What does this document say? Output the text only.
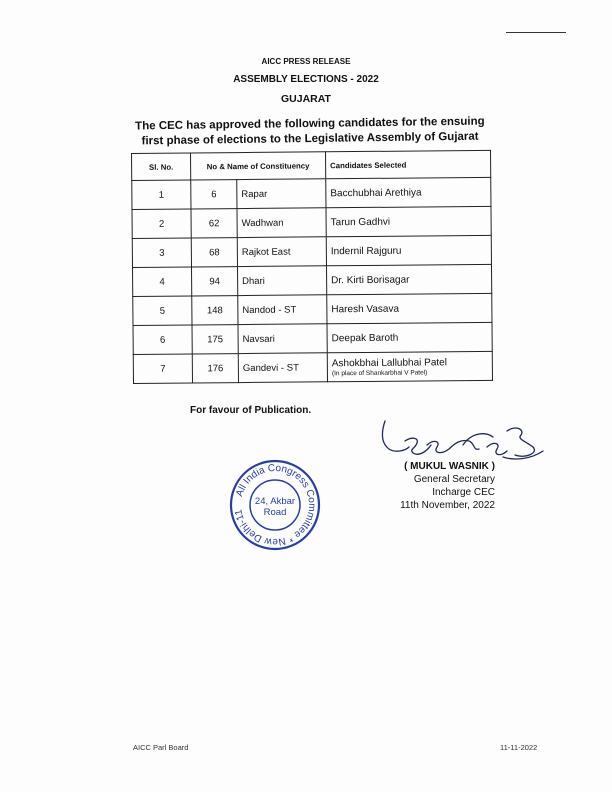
AICC PRESS RELEASE
ASSEMBLY ELECTIONS - 2022
GUJARAT
The CEC has approved the following candidates for the ensuing first phase of elections to the Legislative Assembly of Gujarat
Sl. No.	No & Name of Constituency		Candidates Selected
1	6	Rapar	Bacchubhai Arethiya
2	62	Wadhwan	Tarun Gadhvi
3	68	Rajkot East	Indernil Rajguru
4	94	Dhari	Dr. Kirti Borisagar
5	148	Nandod - ST	Haresh Vasava
6	175	Navsari	Deepak Baroth
7	176	Gandevi - ST	Ashokbhai Lallubhai Patel
(In place of Shankarbhai V Patel)
For favour of Publication.
( MUKUL WASNIK )
General Secretary
Incharge CEC
11th November, 2022
All India Congress Committee * New Delhi-11
24, Akbar
Road
AICC Parl Board	11-11-2022
